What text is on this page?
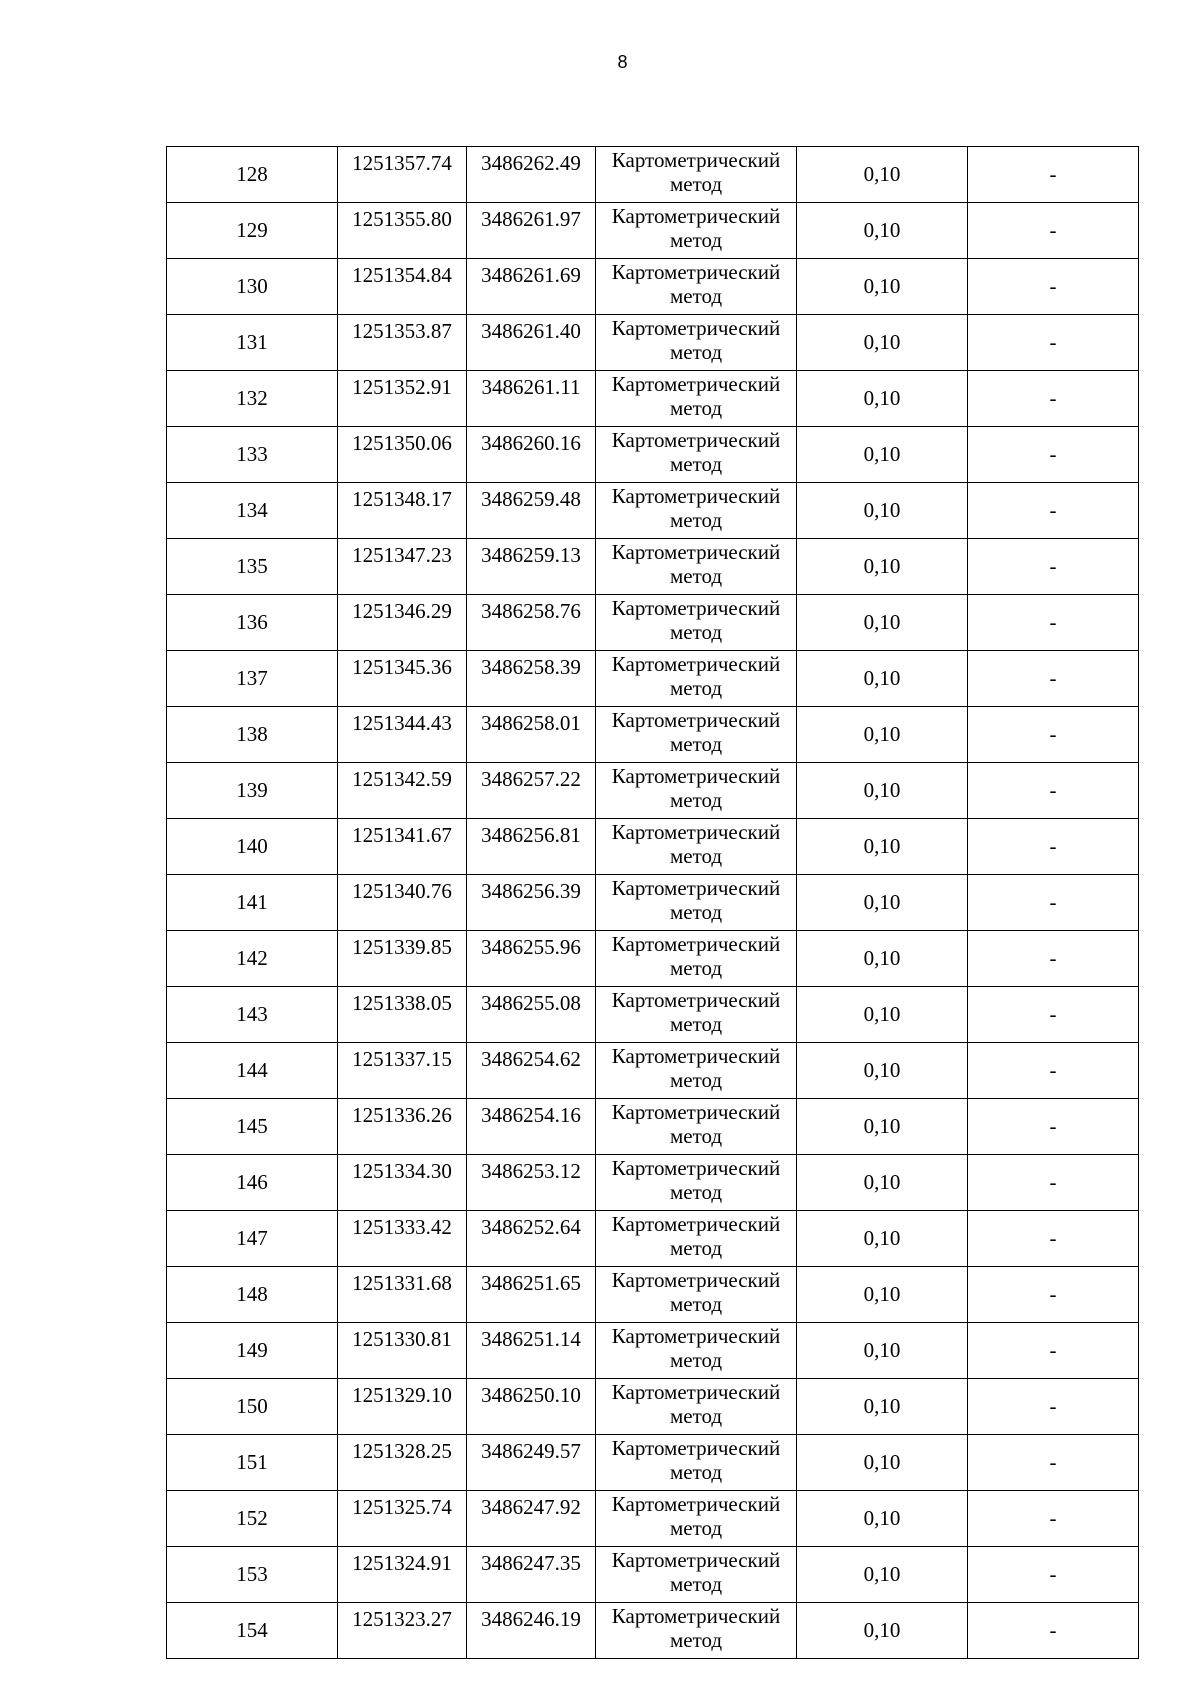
8
128	1251357.74	3486262.49	Картометрический метод	0,10	-
129	1251355.80	3486261.97	Картометрический метод	0,10	-
130	1251354.84	3486261.69	Картометрический метод	0,10	-
131	1251353.87	3486261.40	Картометрический метод	0,10	-
132	1251352.91	3486261.11	Картометрический метод	0,10	-
133	1251350.06	3486260.16	Картометрический метод	0,10	-
134	1251348.17	3486259.48	Картометрический метод	0,10	-
135	1251347.23	3486259.13	Картометрический метод	0,10	-
136	1251346.29	3486258.76	Картометрический метод	0,10	-
137	1251345.36	3486258.39	Картометрический метод	0,10	-
138	1251344.43	3486258.01	Картометрический метод	0,10	-
139	1251342.59	3486257.22	Картометрический метод	0,10	-
140	1251341.67	3486256.81	Картометрический метод	0,10	-
141	1251340.76	3486256.39	Картометрический метод	0,10	-
142	1251339.85	3486255.96	Картометрический метод	0,10	-
143	1251338.05	3486255.08	Картометрический метод	0,10	-
144	1251337.15	3486254.62	Картометрический метод	0,10	-
145	1251336.26	3486254.16	Картометрический метод	0,10	-
146	1251334.30	3486253.12	Картометрический метод	0,10	-
147	1251333.42	3486252.64	Картометрический метод	0,10	-
148	1251331.68	3486251.65	Картометрический метод	0,10	-
149	1251330.81	3486251.14	Картометрический метод	0,10	-
150	1251329.10	3486250.10	Картометрический метод	0,10	-
151	1251328.25	3486249.57	Картометрический метод	0,10	-
152	1251325.74	3486247.92	Картометрический метод	0,10	-
153	1251324.91	3486247.35	Картометрический метод	0,10	-
154	1251323.27	3486246.19	Картометрический метод	0,10	-
